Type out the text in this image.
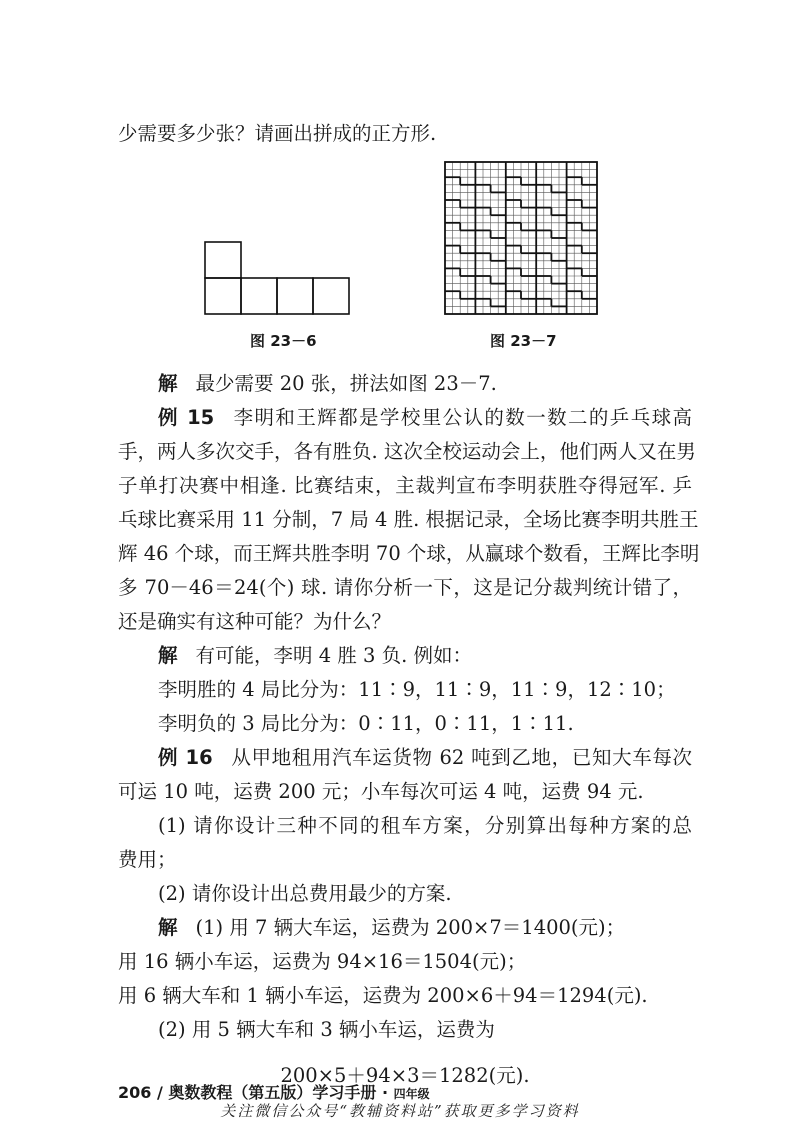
少需要多少张？请画出拼成的正方形.
图 23－6	图 23－7
解 最少需要 20 张，拼法如图 23－7.
例 15 李明和王辉都是学校里公认的数一数二的乒乓球高
手，两人多次交手，各有胜负. 这次全校运动会上，他们两人又在男
子单打决赛中相逢. 比赛结束，主裁判宣布李明获胜夺得冠军. 乒
乓球比赛采用 11 分制，7 局 4 胜. 根据记录，全场比赛李明共胜王
辉 46 个球，而王辉共胜李明 70 个球，从赢球个数看，王辉比李明
多 70－46＝24(个) 球. 请你分析一下，这是记分裁判统计错了，
还是确实有这种可能？为什么？
解 有可能，李明 4 胜 3 负. 例如：
李明胜的 4 局比分为：11∶9，11∶9，11∶9，12∶10；
李明负的 3 局比分为：0∶11，0∶11，1∶11.
例 16 从甲地租用汽车运货物 62 吨到乙地，已知大车每次
可运 10 吨，运费 200 元；小车每次可运 4 吨，运费 94 元.
(1) 请你设计三种不同的租车方案，分别算出每种方案的总
费用；
(2) 请你设计出总费用最少的方案.
解 (1) 用 7 辆大车运，运费为 200×7＝1400(元)；
用 16 辆小车运，运费为 94×16＝1504(元)；
用 6 辆大车和 1 辆小车运，运费为 200×6＋94＝1294(元).
(2) 用 5 辆大车和 3 辆小车运，运费为
200×5＋94×3＝1282(元).
206 / 奥数教程（第五版）学习手册 · 四年级
关注微信公众号“教辅资料站”获取更多学习资料
